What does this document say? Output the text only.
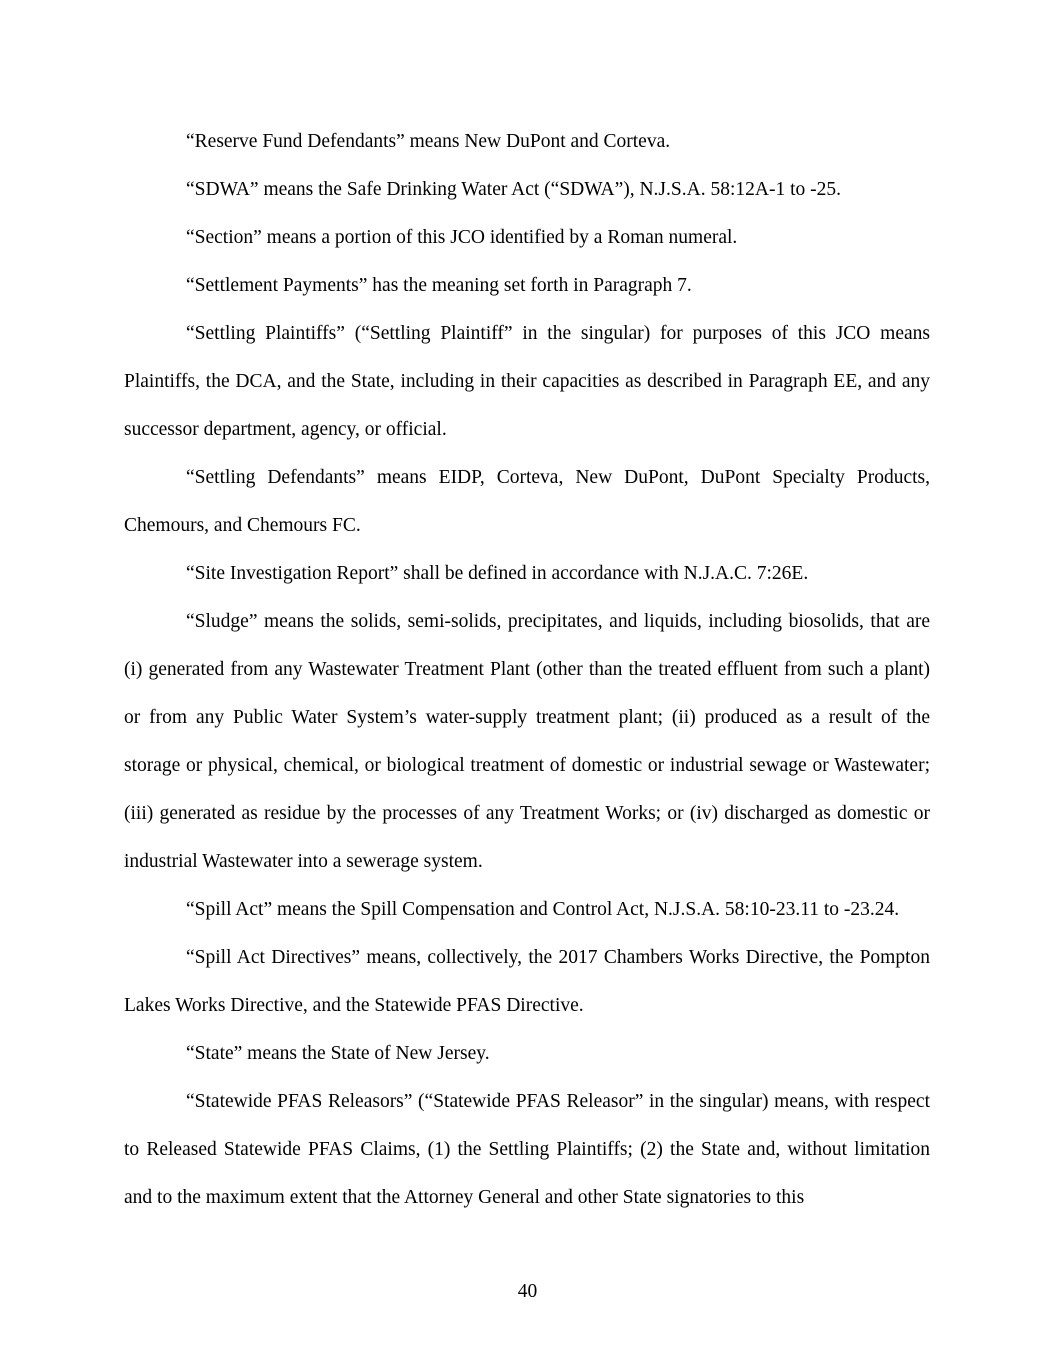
“Reserve Fund Defendants” means New DuPont and Corteva.

“SDWA” means the Safe Drinking Water Act (“SDWA”), N.J.S.A. 58:12A-1 to -25.

“Section” means a portion of this JCO identified by a Roman numeral.

“Settlement Payments” has the meaning set forth in Paragraph 7.

“Settling Plaintiffs” (“Settling Plaintiff” in the singular) for purposes of this JCO means Plaintiffs, the DCA, and the State, including in their capacities as described in Paragraph EE, and any successor department, agency, or official.

“Settling Defendants” means EIDP, Corteva, New DuPont, DuPont Specialty Products, Chemours, and Chemours FC.

“Site Investigation Report” shall be defined in accordance with N.J.A.C. 7:26E.

“Sludge” means the solids, semi-solids, precipitates, and liquids, including biosolids, that are (i) generated from any Wastewater Treatment Plant (other than the treated effluent from such a plant) or from any Public Water System’s water-supply treatment plant; (ii) produced as a result of the storage or physical, chemical, or biological treatment of domestic or industrial sewage or Wastewater; (iii) generated as residue by the processes of any Treatment Works; or (iv) discharged as domestic or industrial Wastewater into a sewerage system.

“Spill Act” means the Spill Compensation and Control Act, N.J.S.A. 58:10-23.11 to -23.24.

“Spill Act Directives” means, collectively, the 2017 Chambers Works Directive, the Pompton Lakes Works Directive, and the Statewide PFAS Directive.

“State” means the State of New Jersey.

“Statewide PFAS Releasors” (“Statewide PFAS Releasor” in the singular) means, with respect to Released Statewide PFAS Claims, (1) the Settling Plaintiffs; (2) the State and, without limitation and to the maximum extent that the Attorney General and other State signatories to this

40
